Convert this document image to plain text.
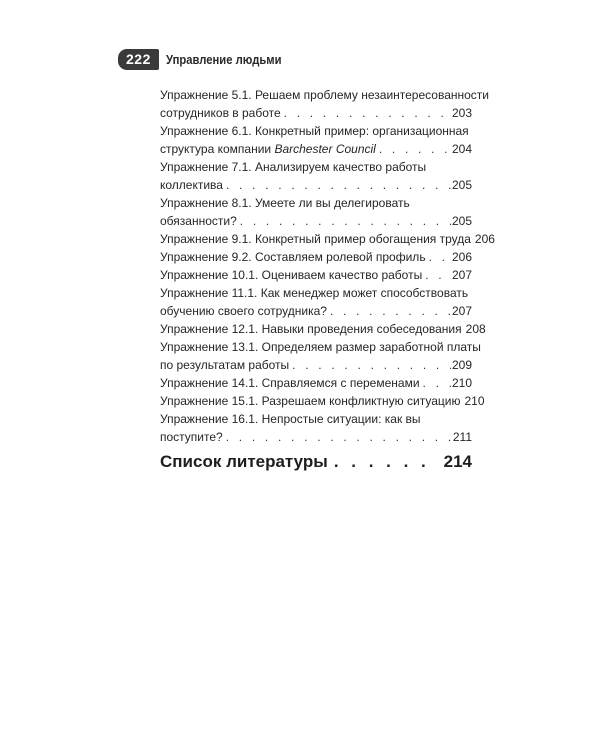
222	Управление людьми
Упражнение 5.1. Решаем проблему незаинтересованности
сотрудников в работе . . .	203
Упражнение 6.1. Конкретный пример: организационная
структура компании Barchester Council . . .	204
Упражнение 7.1. Анализируем качество работы
коллектива . . .	205
Упражнение 8.1. Умеете ли вы делегировать
обязанности? . . .	205
Упражнение 9.1. Конкретный пример обогащения труда 206
Упражнение 9.2. Составляем ролевой профиль . . . 206
Упражнение 10.1. Оцениваем качество работы . . . 207
Упражнение 11.1. Как менеджер может способствовать
обучению своего сотрудника? . . .	207
Упражнение 12.1. Навыки проведения собеседования 208
Упражнение 13.1. Определяем размер заработной платы
по результатам работы . . .	209
Упражнение 14.1. Справляемся с переменами . . .	210
Упражнение 15.1. Разрешаем конфликтную ситуацию 210
Упражнение 16.1. Непростые ситуации: как вы
поступите? . . .	211
Список литературы . . .	214
